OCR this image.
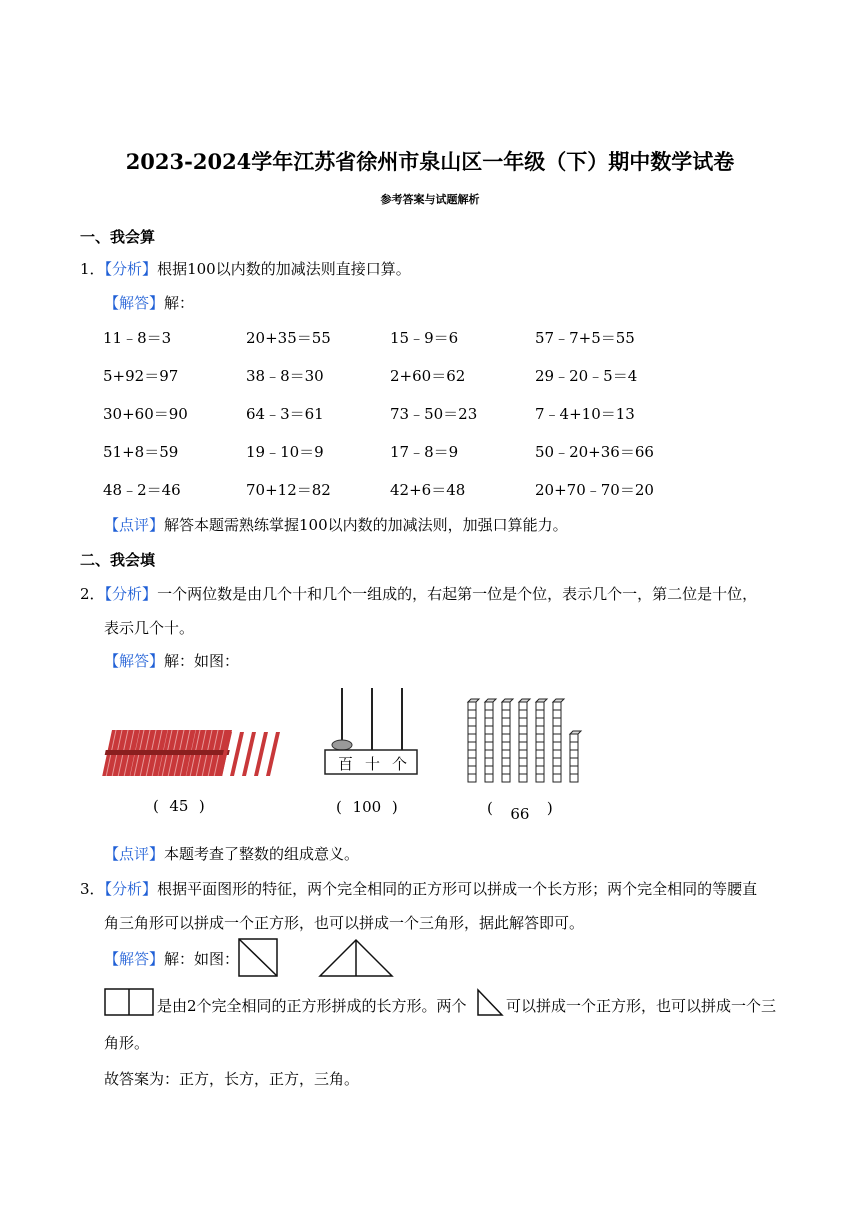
2023-2024学年江苏省徐州市泉山区一年级（下）期中数学试卷
参考答案与试题解析
一、我会算
1．【分析】根据100以内数的加减法则直接口算。
【解答】解：
11﹣8＝3	20+35＝55	15﹣9＝6	57﹣7+5＝55
5+92＝97	38﹣8＝30	2+60＝62	29﹣20﹣5＝4
30+60＝90	64﹣3＝61	73﹣50＝23	7﹣4+10＝13
51+8＝59	19﹣10＝9	17﹣8＝9	50﹣20+36＝66
48﹣2＝46	70+12＝82	42+6＝48	20+70﹣70＝20
【点评】解答本题需熟练掌握100以内数的加减法则，加强口算能力。
二、我会填
2．【分析】一个两位数是由几个十和几个一组成的，右起第一位是个位，表示几个一，第二位是十位，
表示几个十。
【解答】解：如图：
( 45 )
百 十 个
( 100 )	( 66 )
【点评】本题考查了整数的组成意义。
3．【分析】根据平面图形的特征，两个完全相同的正方形可以拼成一个长方形；两个完全相同的等腰直
角三角形可以拼成一个正方形，也可以拼成一个三角形，据此解答即可。
【解答】解：如图：
是由2个完全相同的正方形拼成的长方形。两个	可以拼成一个正方形，也可以拼成一个三
角形。
故答案为：正方，长方，正方，三角。
